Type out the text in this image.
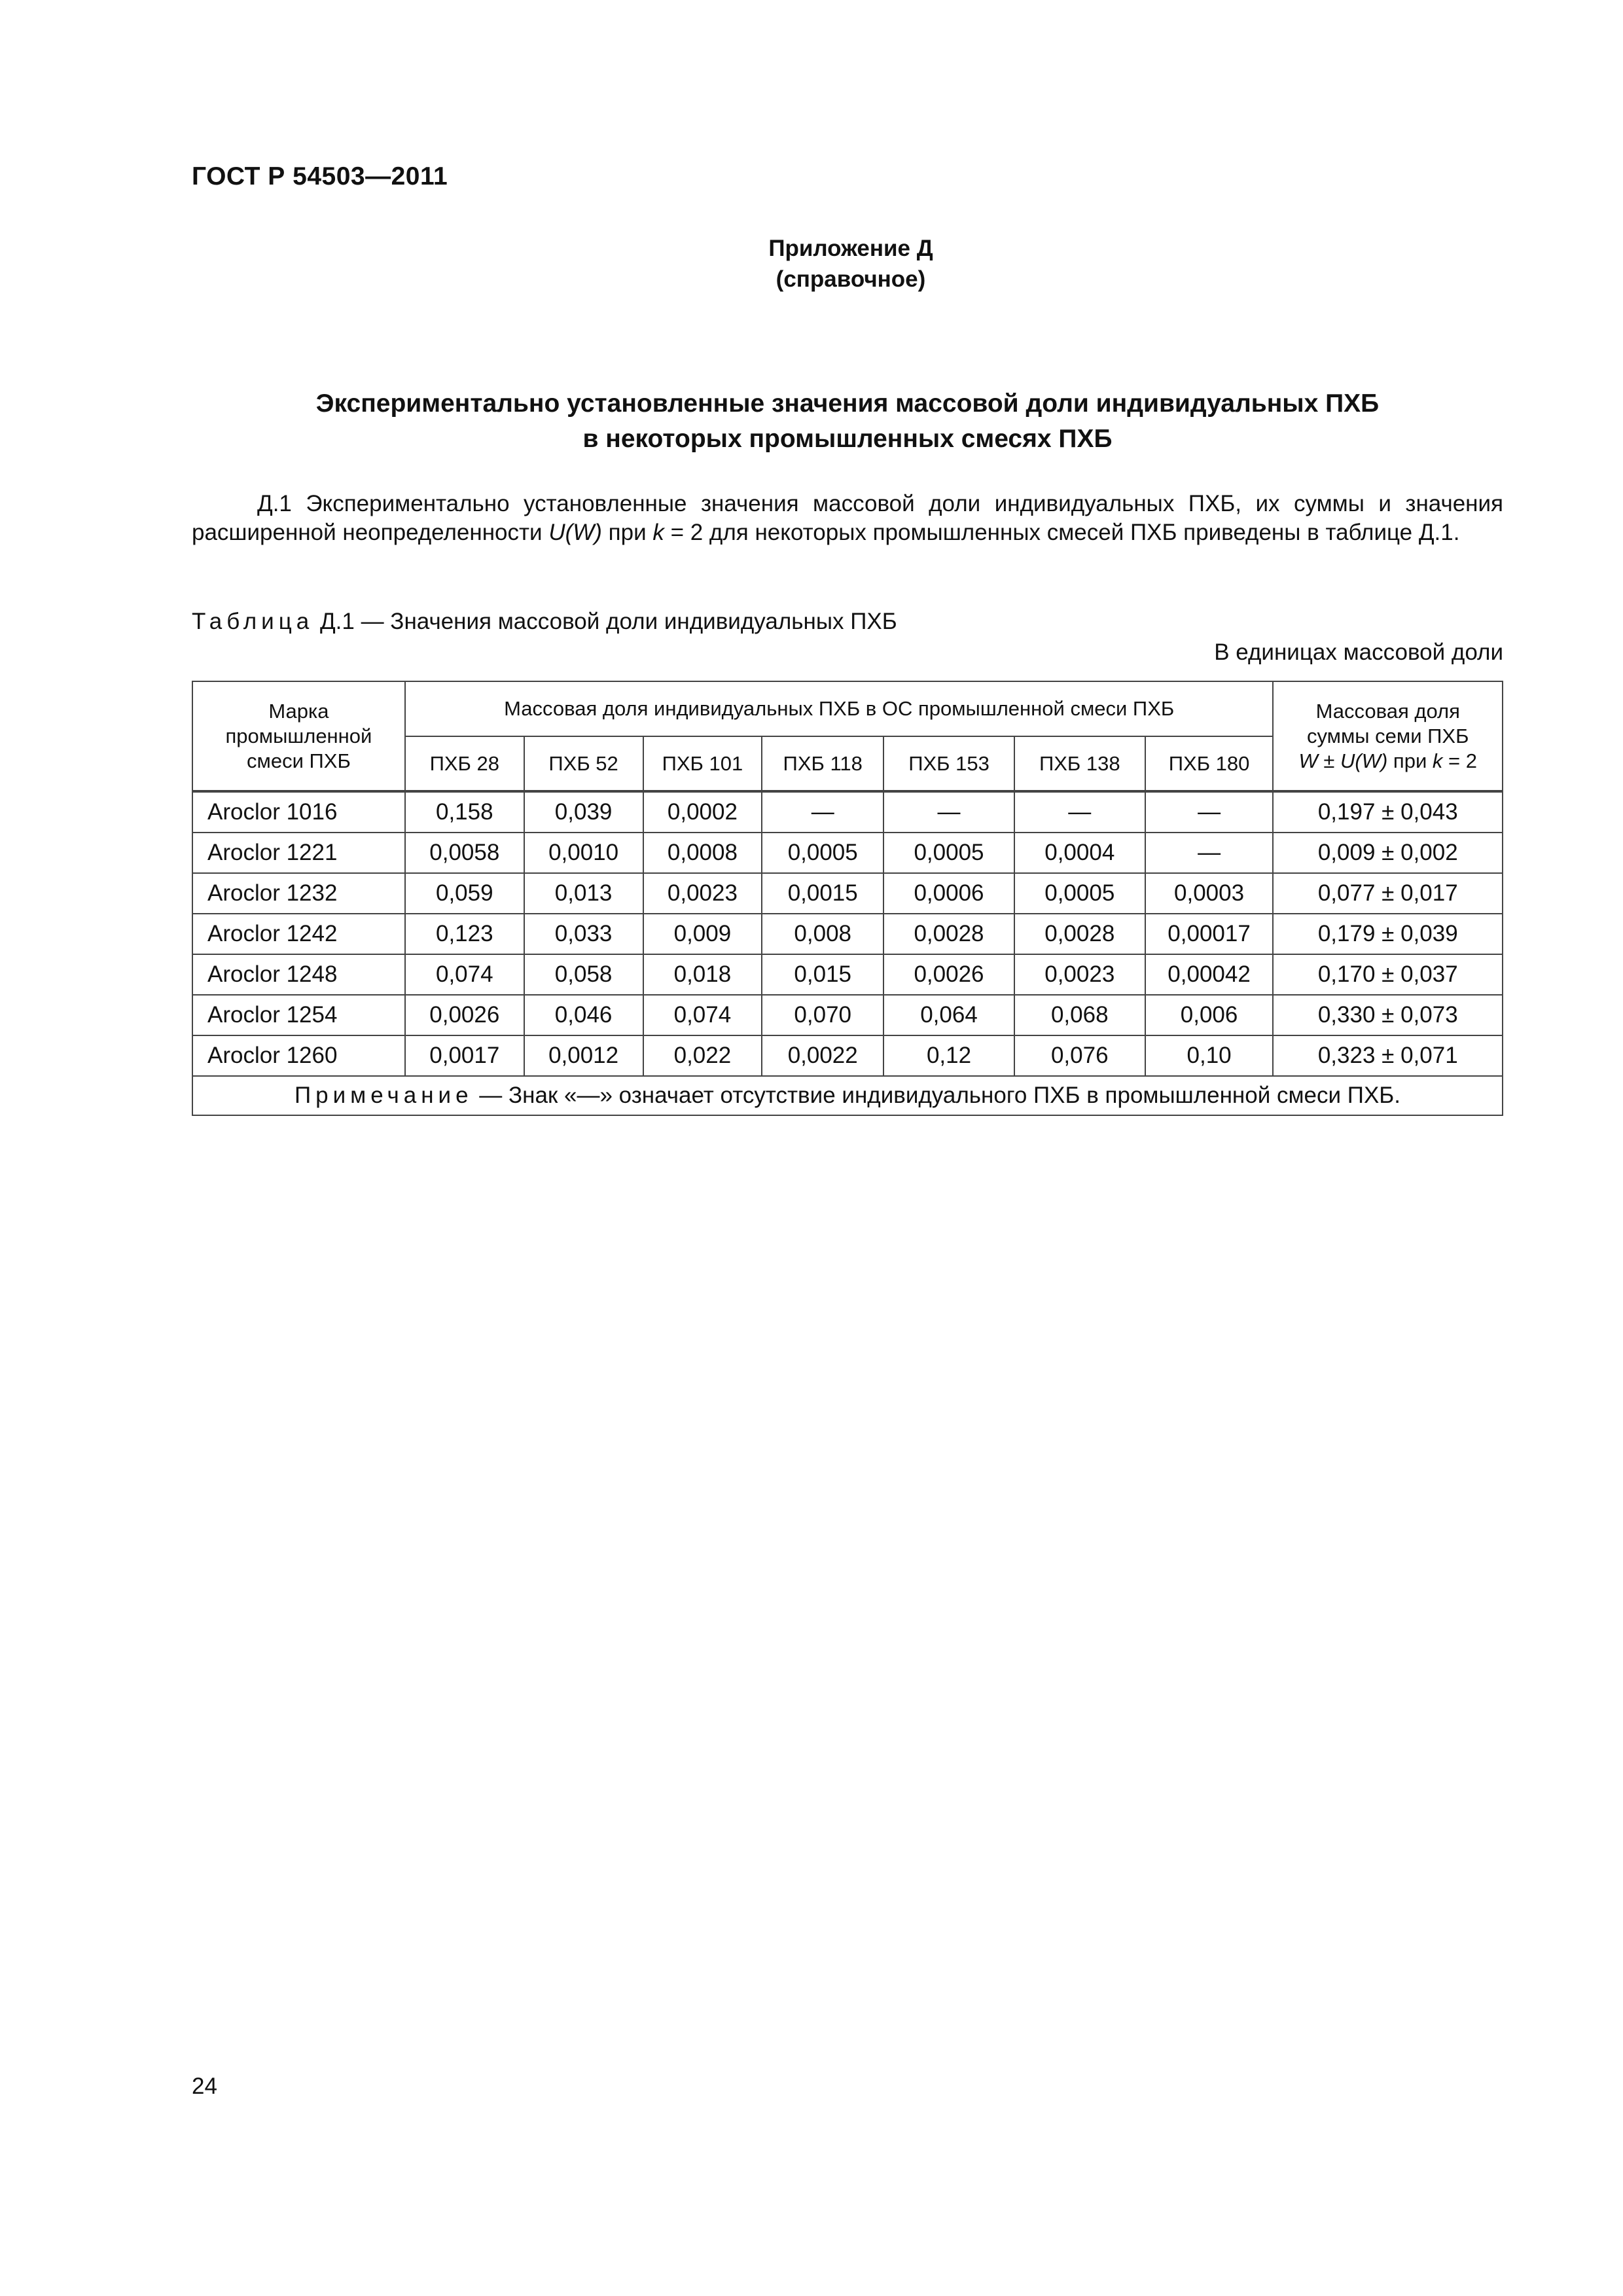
ГОСТ Р 54503—2011
Приложение Д
(справочное)
Экспериментально установленные значения массовой доли индивидуальных ПХБ
в некоторых промышленных смесях ПХБ
Д.1 Экспериментально установленные значения массовой доли индивидуальных ПХБ, их суммы и значения расширенной неопределенности U(W) при k = 2 для некоторых промышленных смесей ПХБ приведены в таблице Д.1.
Таблица Д.1 — Значения массовой доли индивидуальных ПХБ
В единицах массовой доли
Марка промышленной смеси ПХБ	Массовая доля индивидуальных ПХБ в ОС промышленной смеси ПХБ							Массовая доля
суммы семи ПХБ
W ± U(W) при k = 2

	ПХБ 28	ПХБ 52	ПХБ 101	ПХБ 118	ПХБ 153	ПХБ 138	ПХБ 180	
Aroclor 1016	0,158	0,039	0,0002	—	—	—	—	0,197 ± 0,043
Aroclor 1221	0,0058	0,0010	0,0008	0,0005	0,0005	0,0004	—	0,009 ± 0,002
Aroclor 1232	0,059	0,013	0,0023	0,0015	0,0006	0,0005	0,0003	0,077 ± 0,017
Aroclor 1242	0,123	0,033	0,009	0,008	0,0028	0,0028	0,00017	0,179 ± 0,039
Aroclor 1248	0,074	0,058	0,018	0,015	0,0026	0,0023	0,00042	0,170 ± 0,037
Aroclor 1254	0,0026	0,046	0,074	0,070	0,064	0,068	0,006	0,330 ± 0,073
Aroclor 1260	0,0017	0,0012	0,022	0,0022	0,12	0,076	0,10	0,323 ± 0,071
Примечание — Знак «—» означает отсутствие индивидуального ПХБ в промышленной смеси ПХБ.								
24
